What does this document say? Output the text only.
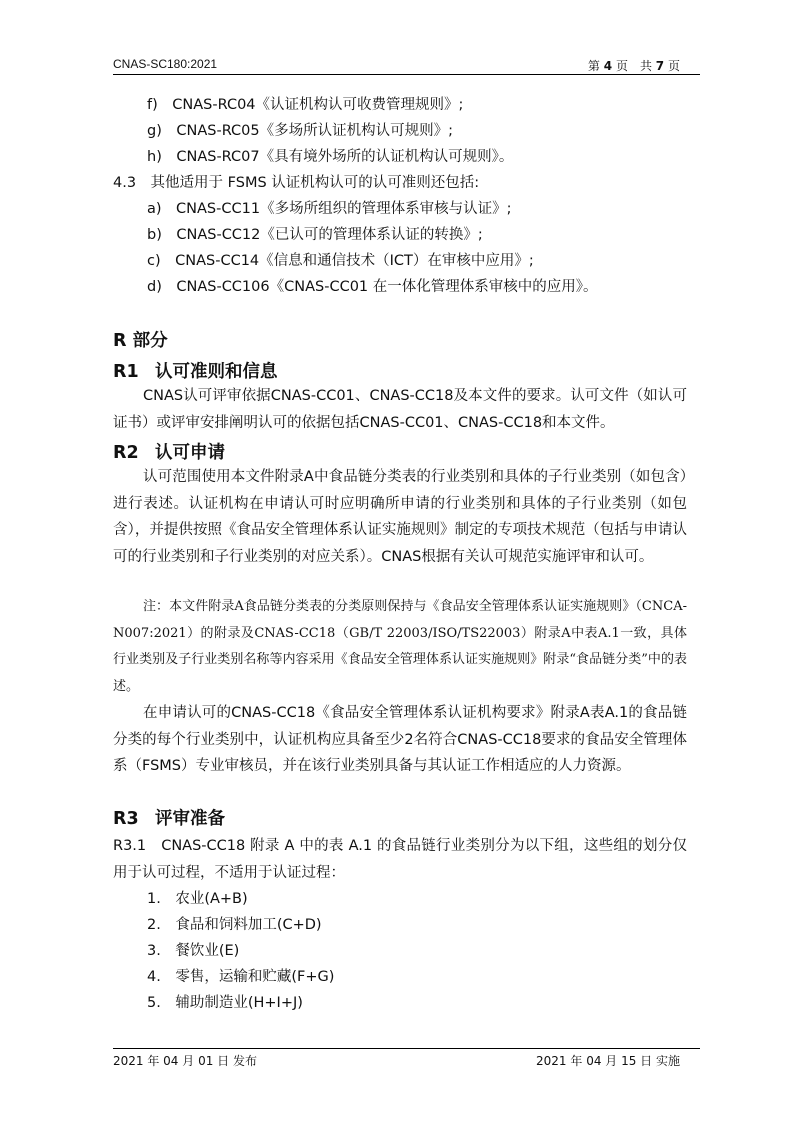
CNAS-SC180:2021	第 4 页　共 7 页
f)　CNAS-RC04《认证机构认可收费管理规则》;
g)　CNAS-RC05《多场所认证机构认可规则》;
h)　CNAS-RC07《具有境外场所的认证机构认可规则》。
4.3　其他适用于 FSMS 认证机构认可的认可准则还包括:
a)　CNAS-CC11《多场所组织的管理体系审核与认证》;
b)　CNAS-CC12《已认可的管理体系认证的转换》;
c)　CNAS-CC14《信息和通信技术（ICT）在审核中应用》;
d)　CNAS-CC106《CNAS-CC01 在一体化管理体系审核中的应用》。
R 部分
R1 认可准则和信息
CNAS认可评审依据CNAS-CC01、CNAS-CC18及本文件的要求。认可文件（如认可证书）或评审安排阐明认可的依据包括CNAS-CC01、CNAS-CC18和本文件。
R2 认可申请
认可范围使用本文件附录A中食品链分类表的行业类别和具体的子行业类别（如包含）进行表述。认证机构在申请认可时应明确所申请的行业类别和具体的子行业类别（如包含），并提供按照《食品安全管理体系认证实施规则》制定的专项技术规范（包括与申请认可的行业类别和子行业类别的对应关系）。CNAS根据有关认可规范实施评审和认可。
注：本文件附录A食品链分类表的分类原则保持与《食品安全管理体系认证实施规则》（CNCA-N007:2021）的附录及CNAS-CC18（GB/T 22003/ISO/TS22003）附录A中表A.1一致，具体行业类别及子行业类别名称等内容采用《食品安全管理体系认证实施规则》附录“食品链分类”中的表述。
在申请认可的CNAS-CC18《食品安全管理体系认证机构要求》附录A表A.1的食品链分类的每个行业类别中，认证机构应具备至少2名符合CNAS-CC18要求的食品安全管理体系（FSMS）专业审核员，并在该行业类别具备与其认证工作相适应的人力资源。
R3 评审准备
R3.1　CNAS-CC18 附录 A 中的表 A.1 的食品链行业类别分为以下组，这些组的划分仅用于认可过程，不适用于认证过程：
1.　农业(A+B)
2.　食品和饲料加工(C+D)
3.　餐饮业(E)
4.　零售，运输和贮藏(F+G)
5.　辅助制造业(H+I+J)
2021 年 04 月 01 日 发布	2021 年 04 月 15 日 实施
